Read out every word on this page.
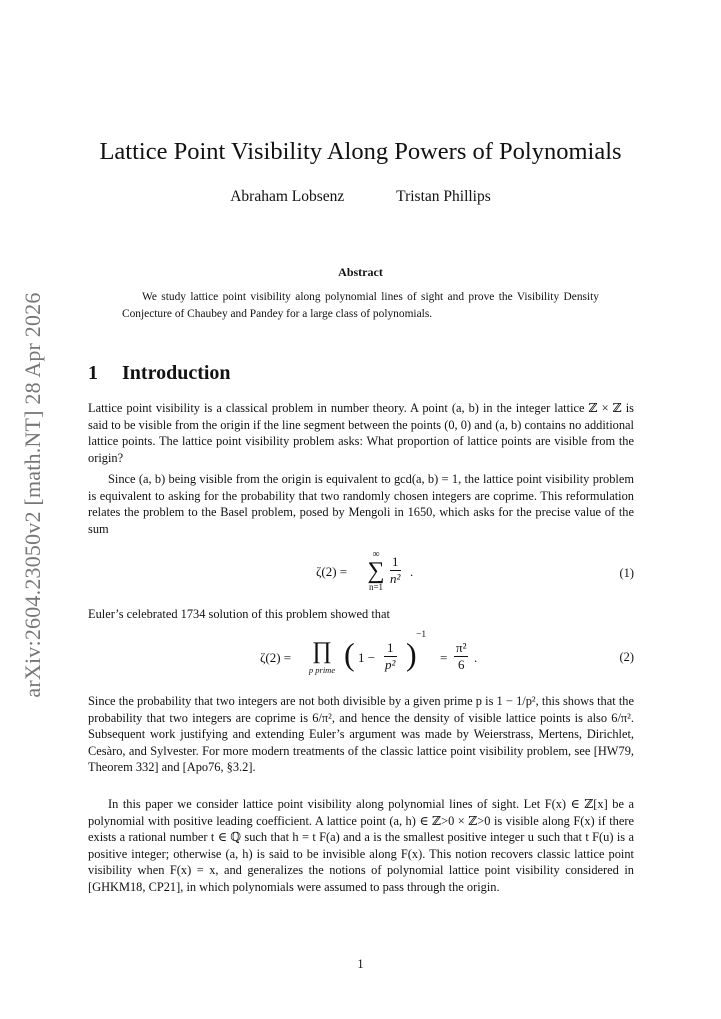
arXiv:2604.23050v2 [math.NT] 28 Apr 2026
Lattice Point Visibility Along Powers of Polynomials
Abraham Lobsenz	Tristan Phillips
Abstract
We study lattice point visibility along polynomial lines of sight and prove the Visibility Density Conjecture of Chaubey and Pandey for a large class of polynomials.
1 Introduction
Lattice point visibility is a classical problem in number theory. A point (a, b) in the integer lattice ℤ × ℤ is said to be visible from the origin if the line segment between the points (0, 0) and (a, b) contains no additional lattice points. The lattice point visibility problem asks: What proportion of lattice points are visible from the origin?
Since (a, b) being visible from the origin is equivalent to gcd(a, b) = 1, the lattice point visibility problem is equivalent to asking for the probability that two randomly chosen integers are coprime. This reformulation relates the problem to the Basel problem, posed by Mengoli in 1650, which asks for the precise value of the sum
ζ(2) =
∞
∑
$n=1 \frac{1}{\text{n²}}$ .	(1)
Euler’s celebrated 1734 solution of this problem showed that
ζ(2) = ∏
p prime ( $1 - \frac{1}{\text{p²}}$ )
−1
= $\frac{\text{π²}}{6}$ .	(2)
Since the probability that two integers are not both divisible by a given prime p is 1 − 1/p², this shows that the probability that two integers are coprime is 6/π², and hence the density of visible lattice points is also 6/π². Subsequent work justifying and extending Euler’s argument was made by Weierstrass, Mertens, Dirichlet, Cesàro, and Sylvester. For more modern treatments of the classic lattice point visibility problem, see [HW79, Theorem 332] and [Apo76, §3.2].
In this paper we consider lattice point visibility along polynomial lines of sight. Let F(x) ∈ ℤ[x] be a polynomial with positive leading coefficient. A lattice point (a, h) ∈ ℤ>0 × ℤ>0 is visible along F(x) if there exists a rational number t ∈ ℚ such that h = t F(a) and a is the smallest positive integer u such that t F(u) is a positive integer; otherwise (a, h) is said to be invisible along F(x). This notion recovers classic lattice point visibility when F(x) = x, and generalizes the notions of polynomial lattice point visibility considered in [GHKM18, CP21], in which polynomials were assumed to pass through the origin.
1
